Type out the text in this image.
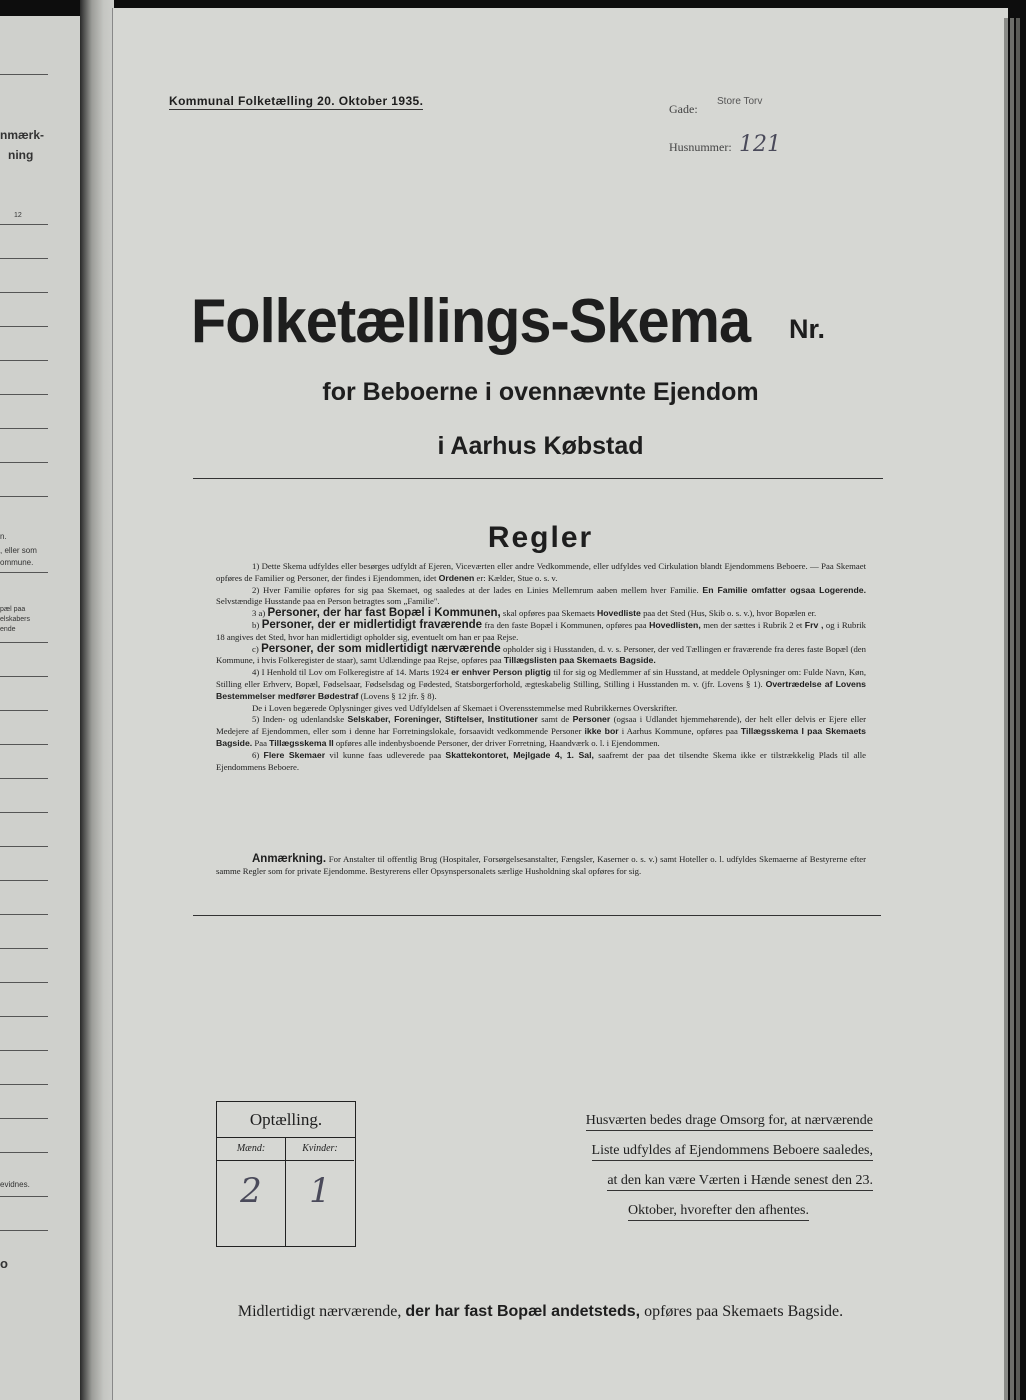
nmærk-
ning
12
n.
, eller som
ommune.
pæl paa
elskabers
ende
evidnes.
o
Kommunal Folketælling 20. Oktober 1935.
Gade:
Store Torv
Husnummer: 121
Folketællings-Skema Nr.
for Beboerne i ovennævnte Ejendom
i Aarhus Købstad
Regler

1) Dette Skema udfyldes eller besørges udfyldt af Ejeren, Viceværten eller andre Vedkommende, eller udfyldes ved Cirkulation blandt Ejendommens Beboere. — Paa Skemaet opføres de Familier og Personer, der findes i Ejendommen, idet Ordenen er: Kælder, Stue o. s. v.

2) Hver Familie opføres for sig paa Skemaet, og saaledes at der lades en Linies Mellemrum aaben mellem hver Familie. En Familie omfatter ogsaa Logerende. Selvstændige Husstande paa en Person betragtes som „Familie".

3 a) Personer, der har fast Bopæl i Kommunen, skal opføres paa Skemaets Hovedliste paa det Sted (Hus, Skib o. s. v.), hvor Bopælen er.

b) Personer, der er midlertidigt fraværende fra den faste Bopæl i Kommunen, opføres paa Hovedlisten, men der sættes i Rubrik 2 et Frv , og i Rubrik 18 angives det Sted, hvor han midlertidigt opholder sig, eventuelt om han er paa Rejse.

c) Personer, der som midlertidigt nærværende opholder sig i Husstanden, d. v. s. Personer, der ved Tællingen er fraværende fra deres faste Bopæl (den Kommune, i hvis Folkeregister de staar), samt Udlændinge paa Rejse, opføres paa Tillægslisten paa Skemaets Bagside.

4) I Henhold til Lov om Folkeregistre af 14. Marts 1924 er enhver Person pligtig til for sig og Medlemmer af sin Husstand, at meddele Oplysninger om: Fulde Navn, Køn, Stilling eller Erhverv, Bopæl, Fødselsaar, Fødselsdag og Fødested, Statsborgerforhold, ægteskabelig Stilling, Stilling i Husstanden m. v. (jfr. Lovens § 1). Overtrædelse af Lovens Bestemmelser medfører Bødestraf (Lovens § 12 jfr. § 8).

De i Loven begærede Oplysninger gives ved Udfyldelsen af Skemaet i Overensstemmelse med Rubrikkernes Overskrifter.

5) Inden- og udenlandske Selskaber, Foreninger, Stiftelser, Institutioner samt de Personer (ogsaa i Udlandet hjemmehørende), der helt eller delvis er Ejere eller Medejere af Ejendommen, eller som i denne har Forretningslokale, forsaavidt vedkommende Personer ikke bor i Aarhus Kommune, opføres paa Tillægsskema I paa Skemaets Bagside. Paa Tillægsskema II opføres alle indenbysboende Personer, der driver Forretning, Haandværk o. l. i Ejendommen.

6) Flere Skemaer vil kunne faas udleverede paa Skattekontoret, Mejlgade 4, 1. Sal, saafremt der paa det tilsendte Skema ikke er tilstrækkelig Plads til alle Ejendommens Beboere.

Anmærkning. For Anstalter til offentlig Brug (Hospitaler, Forsørgelsesanstalter, Fængsler, Kaserner o. s. v.) samt Hoteller o. l. udfyldes Skemaerne af Bestyrerne efter samme Regler som for private Ejendomme. Bestyrerens eller Opsynspersonalets særlige Husholdning skal opføres for sig.

Optælling.
Mænd:
2
Kvinder:
1
Husværten bedes drage Omsorg for, at nærværende
Liste udfyldes af Ejendommens Beboere saaledes,
at den kan være Værten i Hænde senest den 23.
Oktober, hvorefter den afhentes.
Midlertidigt nærværende, der har fast Bopæl andetsteds, opføres paa Skemaets Bagside.
